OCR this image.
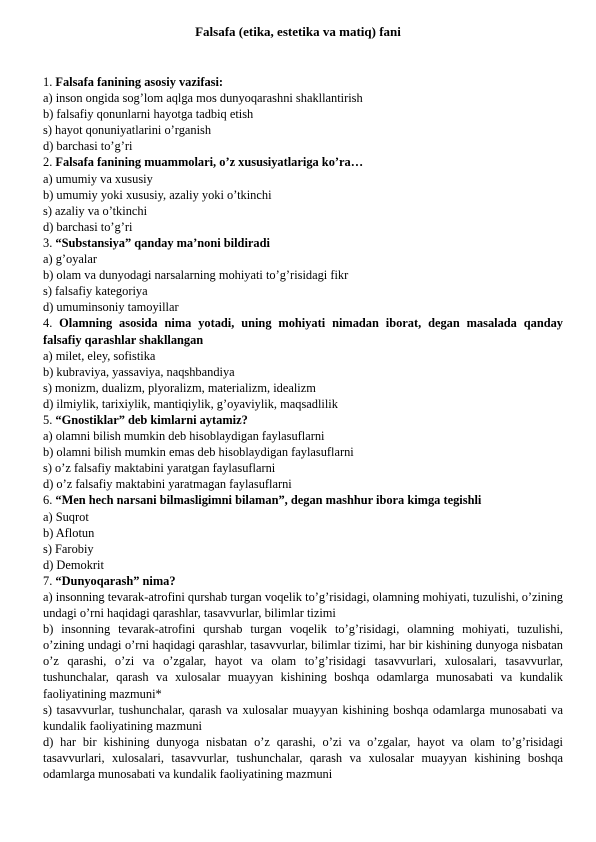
Falsafa (etika, estetika va matiq) fani

1. Falsafa fanining asosiy vazifasi:

a) inson ongida sog’lom aqlga mos dunyoqarashni shakllantirish

b) falsafiy qonunlarni hayotga tadbiq etish

s) hayot qonuniyatlarini o’rganish

d) barchasi to’g’ri

2. Falsafa fanining muammolari, o’z xususiyatlariga ko’ra…

a) umumiy va xususiy

b) umumiy yoki xususiy, azaliy yoki o’tkinchi

s) azaliy va o’tkinchi

d) barchasi to’g’ri

3. “Substansiya” qanday ma’noni bildiradi

a) g’oyalar

b) olam va dunyodagi narsalarning mohiyati to’g’risidagi fikr

s) falsafiy kategoriya

d) umuminsoniy tamoyillar

4. Olamning asosida nima yotadi, uning mohiyati nimadan iborat, degan masalada qanday falsafiy qarashlar shakllangan

a) milet, eley, sofistika

b) kubraviya, yassaviya, naqshbandiya

s) monizm, dualizm, plyoralizm, materializm, idealizm

d) ilmiylik, tarixiylik, mantiqiylik, g’oyaviylik, maqsadlilik

5. “Gnostiklar” deb kimlarni aytamiz?

a) olamni bilish mumkin deb hisoblaydigan faylasuflarni

b) olamni bilish mumkin emas deb hisoblaydigan faylasuflarni

s) o’z falsafiy maktabini yaratgan faylasuflarni

d) o’z falsafiy maktabini yaratmagan faylasuflarni

6. “Men hech narsani bilmasligimni bilaman”, degan mashhur ibora kimga tegishli

a) Suqrot

b) Aflotun

s) Farobiy

d) Demokrit

7. “Dunyoqarash” nima?

a) insonning tevarak-atrofini qurshab turgan voqelik to’g’risidagi, olamning mohiyati, tuzulishi, o’zining undagi o’rni haqidagi qarashlar, tasavvurlar, bilimlar tizimi

b) insonning tevarak-atrofini qurshab turgan voqelik to’g’risidagi, olamning mohiyati, tuzulishi, o’zining undagi o’rni haqidagi qarashlar, tasavvurlar, bilimlar tizimi, har bir kishining dunyoga nisbatan o’z qarashi, o’zi va o’zgalar, hayot va olam to’g’risidagi tasavvurlari, xulosalari, tasavvurlar, tushunchalar, qarash va xulosalar muayyan kishining boshqa odamlarga munosabati va kundalik faoliyatining mazmuni*

s) tasavvurlar, tushunchalar, qarash va xulosalar muayyan kishining boshqa odamlarga munosabati va kundalik faoliyatining mazmuni

d) har bir kishining dunyoga nisbatan o’z qarashi, o’zi va o’zgalar, hayot va olam to’g’risidagi tasavvurlari, xulosalari, tasavvurlar, tushunchalar, qarash va xulosalar muayyan kishining boshqa odamlarga munosabati va kundalik faoliyatining mazmuni
